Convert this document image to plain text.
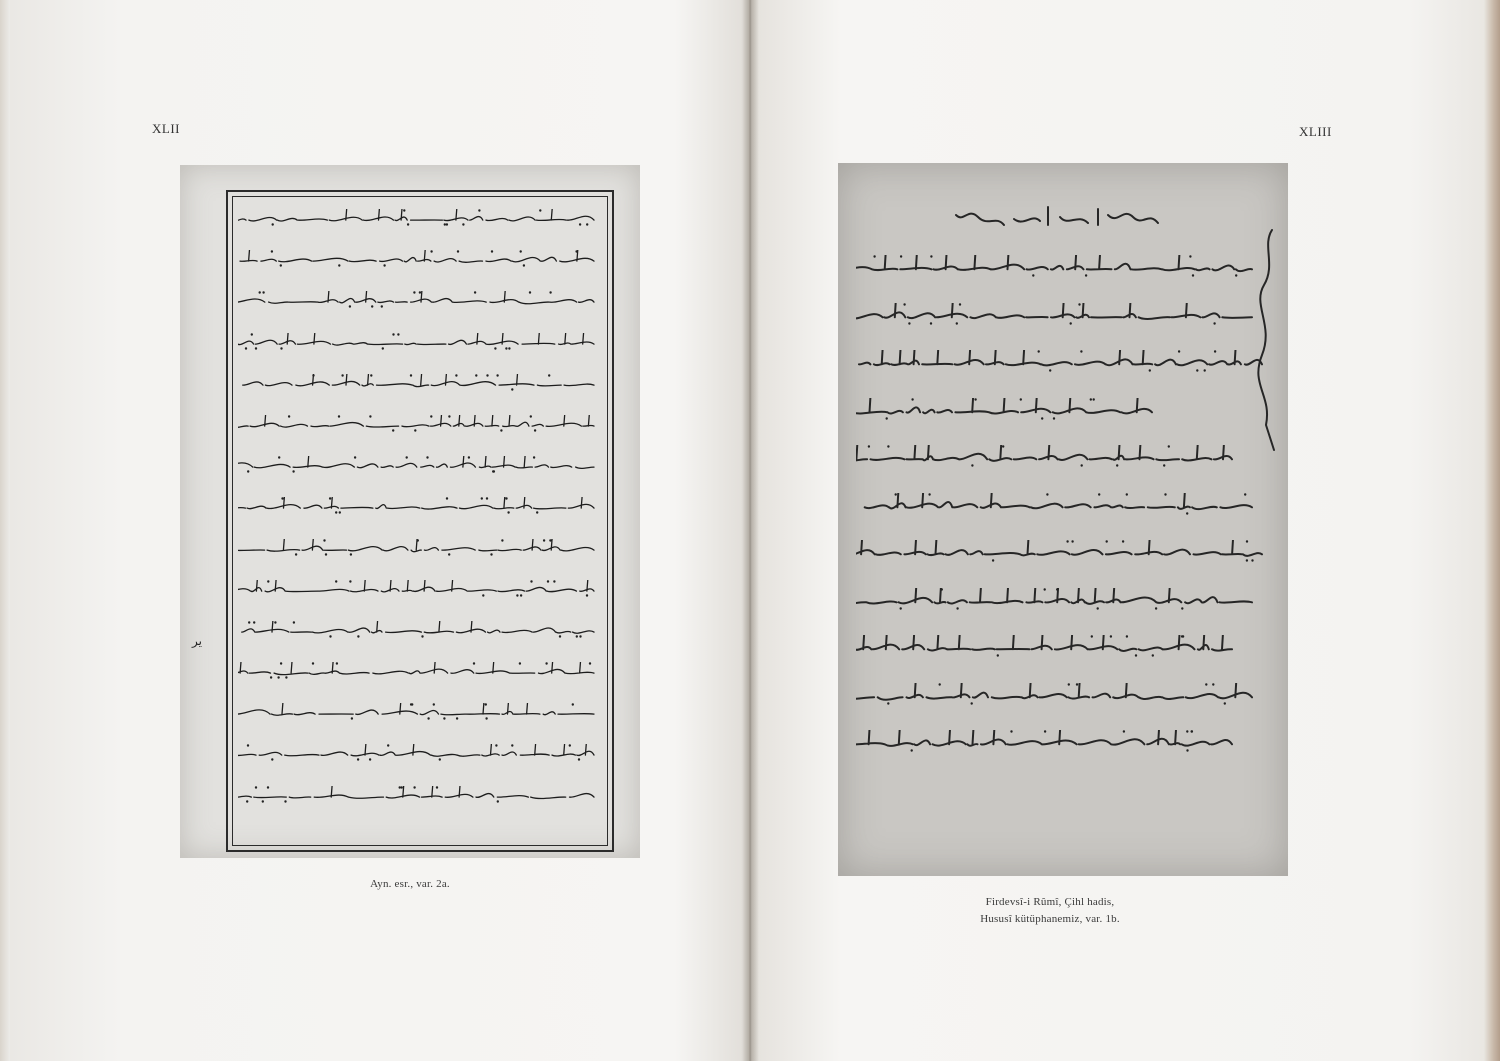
XLII
ير
Ayn. esr., var. 2a.
XLIII
Firdevsî-i Rûmî, Çihl hadis,
Hususî kütüphanemiz, var. 1b.
